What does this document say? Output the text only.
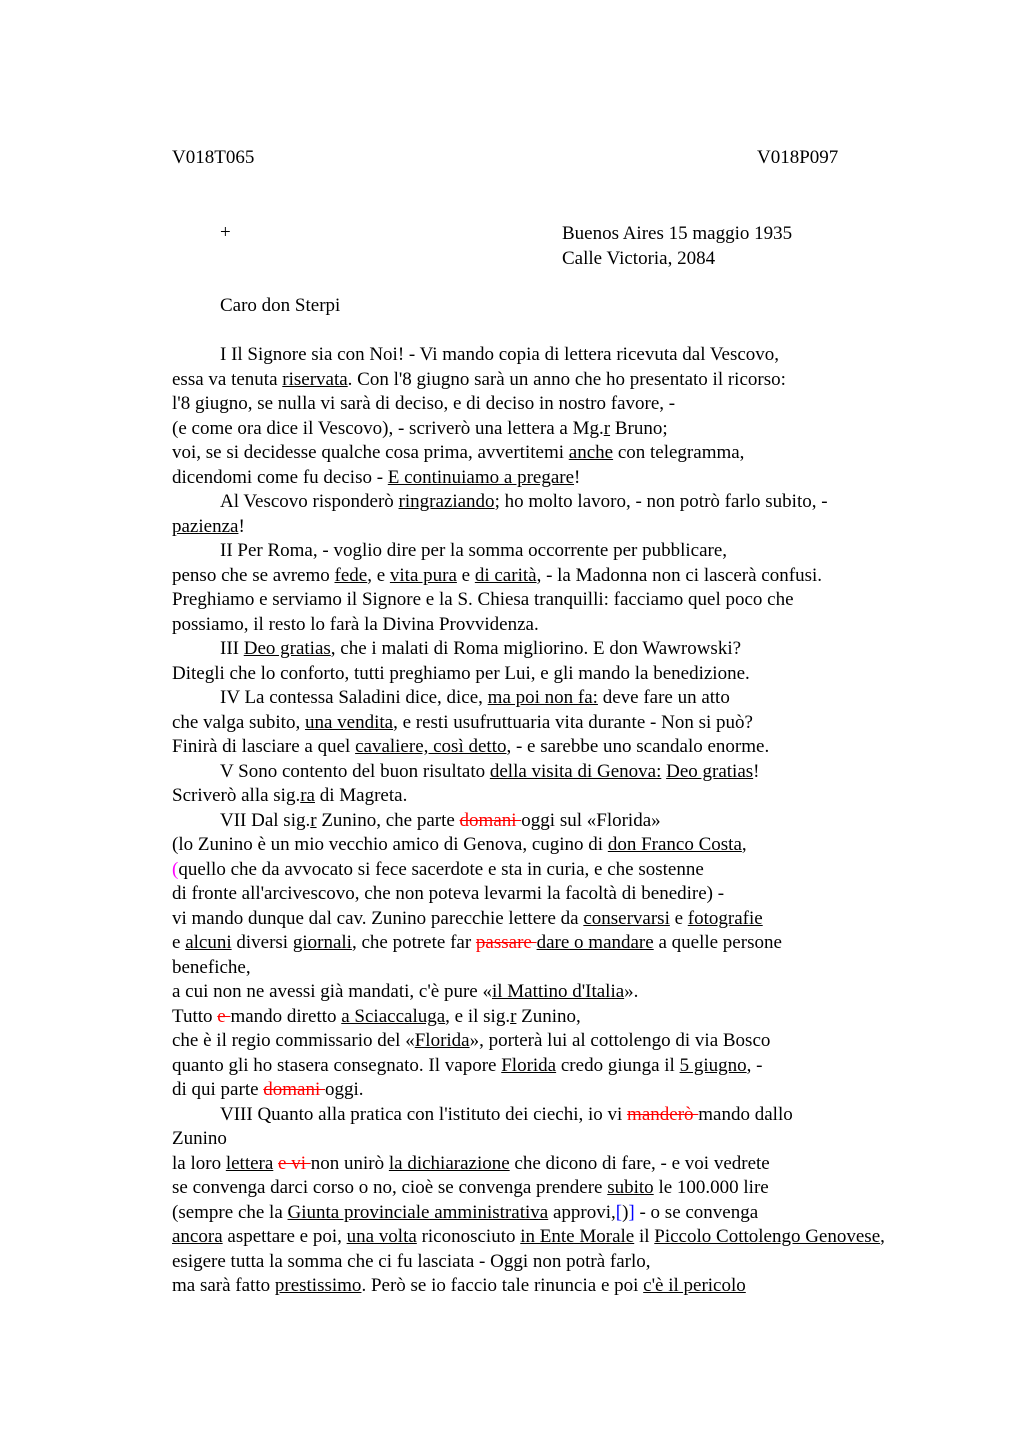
V018T065	V018P097
+	Buenos Aires 15 maggio 1935
Calle Victoria, 2084
Caro don Sterpi
I Il Signore sia con Noi! - Vi mando copia di lettera ricevuta dal Vescovo,
essa va tenuta riservata. Con l'8 giugno sarà un anno che ho presentato il ricorso:
l'8 giugno, se nulla vi sarà di deciso, e di deciso in nostro favore, -
(e come ora dice il Vescovo), - scriverò una lettera a Mg.r Bruno;
voi, se si decidesse qualche cosa prima, avvertitemi anche con telegramma,
dicendomi come fu deciso - E continuiamo a pregare!
Al Vescovo risponderò ringraziando; ho molto lavoro, - non potrò farlo subito, -
pazienza!
II Per Roma, - voglio dire per la somma occorrente per pubblicare,
penso che se avremo fede, e vita pura e di carità, - la Madonna non ci lascerà confusi.
Preghiamo e serviamo il Signore e la S. Chiesa tranquilli: facciamo quel poco che
possiamo, il resto lo farà la Divina Provvidenza.
III Deo gratias, che i malati di Roma migliorino. E don Wawrowski?
Ditegli che lo conforto, tutti preghiamo per Lui, e gli mando la benedizione.
IV La contessa Saladini dice, dice, ma poi non fa: deve fare un atto
che valga subito, una vendita, e resti usufruttuaria vita durante - Non si può?
Finirà di lasciare a quel cavaliere, così detto, - e sarebbe uno scandalo enorme.
V Sono contento del buon risultato della visita di Genova: Deo gratias!
Scriverò alla sig.ra di Magreta.
VII Dal sig.r Zunino, che parte domani oggi sul «Florida»
(lo Zunino è un mio vecchio amico di Genova, cugino di don Franco Costa,
(quello che da avvocato si fece sacerdote e sta in curia, e che sostenne
di fronte all'arcivescovo, che non poteva levarmi la facoltà di benedire) -
vi mando dunque dal cav. Zunino parecchie lettere da conservarsi e fotografie
e alcuni diversi giornali, che potrete far passare dare o mandare a quelle persone
benefiche,
a cui non ne avessi già mandati, c'è pure «il Mattino d'Italia».
Tutto e mando diretto a Sciaccaluga, e il sig.r Zunino,
che è il regio commissario del «Florida», porterà lui al cottolengo di via Bosco
quanto gli ho stasera consegnato. Il vapore Florida credo giunga il 5 giugno, -
di qui parte domani oggi.
VIII Quanto alla pratica con l'istituto dei ciechi, io vi manderò mando dallo
Zunino
la loro lettera e vi non unirò la dichiarazione che dicono di fare, - e voi vedrete
se convenga darci corso o no, cioè se convenga prendere subito le 100.000 lire
(sempre che la Giunta provinciale amministrativa approvi,[)] - o se convenga
ancora aspettare e poi, una volta riconosciuto in Ente Morale il Piccolo Cottolengo Genovese,
esigere tutta la somma che ci fu lasciata - Oggi non potrà farlo,
ma sarà fatto prestissimo. Però se io faccio tale rinuncia e poi c'è il pericolo
